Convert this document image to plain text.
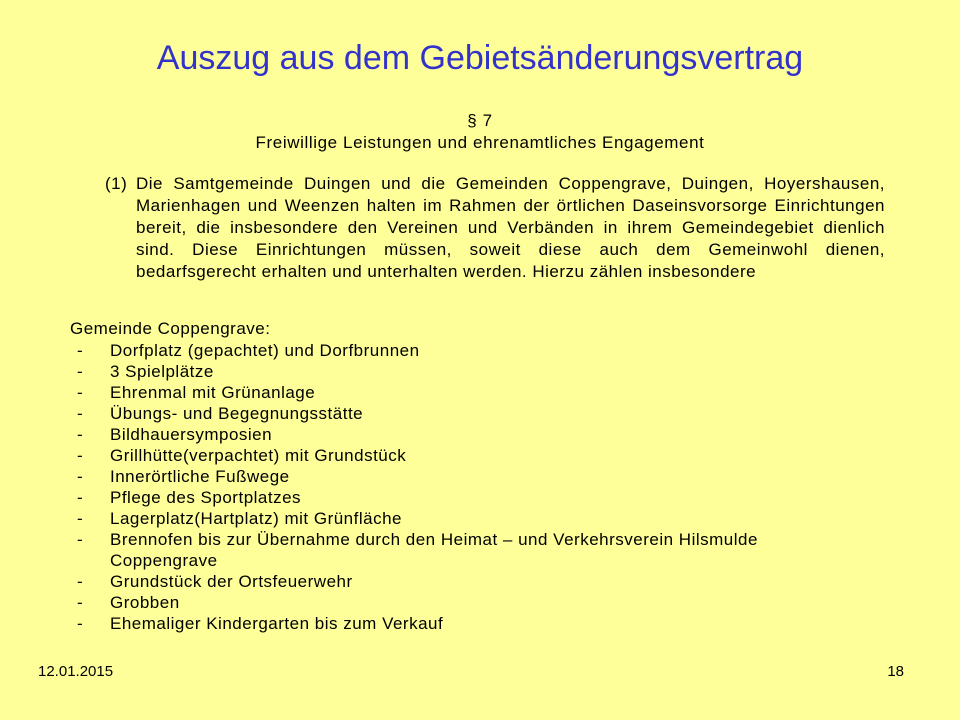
Auszug aus dem Gebietsänderungsvertrag
§ 7
Freiwillige Leistungen und ehrenamtliches Engagement
(1) Die Samtgemeinde Duingen und die Gemeinden Coppengrave, Duingen, Hoyershausen, Marienhagen und Weenzen halten im Rahmen der örtlichen Daseinsvorsorge Einrichtungen bereit, die insbesondere den Vereinen und Verbänden in ihrem Gemeindegebiet dienlich sind. Diese Einrichtungen müssen, soweit diese auch dem Gemeinwohl dienen, bedarfsgerecht erhalten und unterhalten werden. Hierzu zählen insbesondere
Gemeinde Coppengrave:
- Dorfplatz (gepachtet) und Dorfbrunnen
- 3 Spielplätze
- Ehrenmal mit Grünanlage
- Übungs- und Begegnungsstätte
- Bildhauersymposien
- Grillhütte(verpachtet) mit Grundstück
- Innerörtliche Fußwege
- Pflege des Sportplatzes
- Lagerplatz(Hartplatz) mit Grünfläche
- Brennofen bis zur Übernahme durch den Heimat – und Verkehrsverein Hilsmulde Coppengrave
- Grundstück der Ortsfeuerwehr
- Grobben
- Ehemaliger Kindergarten bis zum Verkauf
12.01.2015	18
